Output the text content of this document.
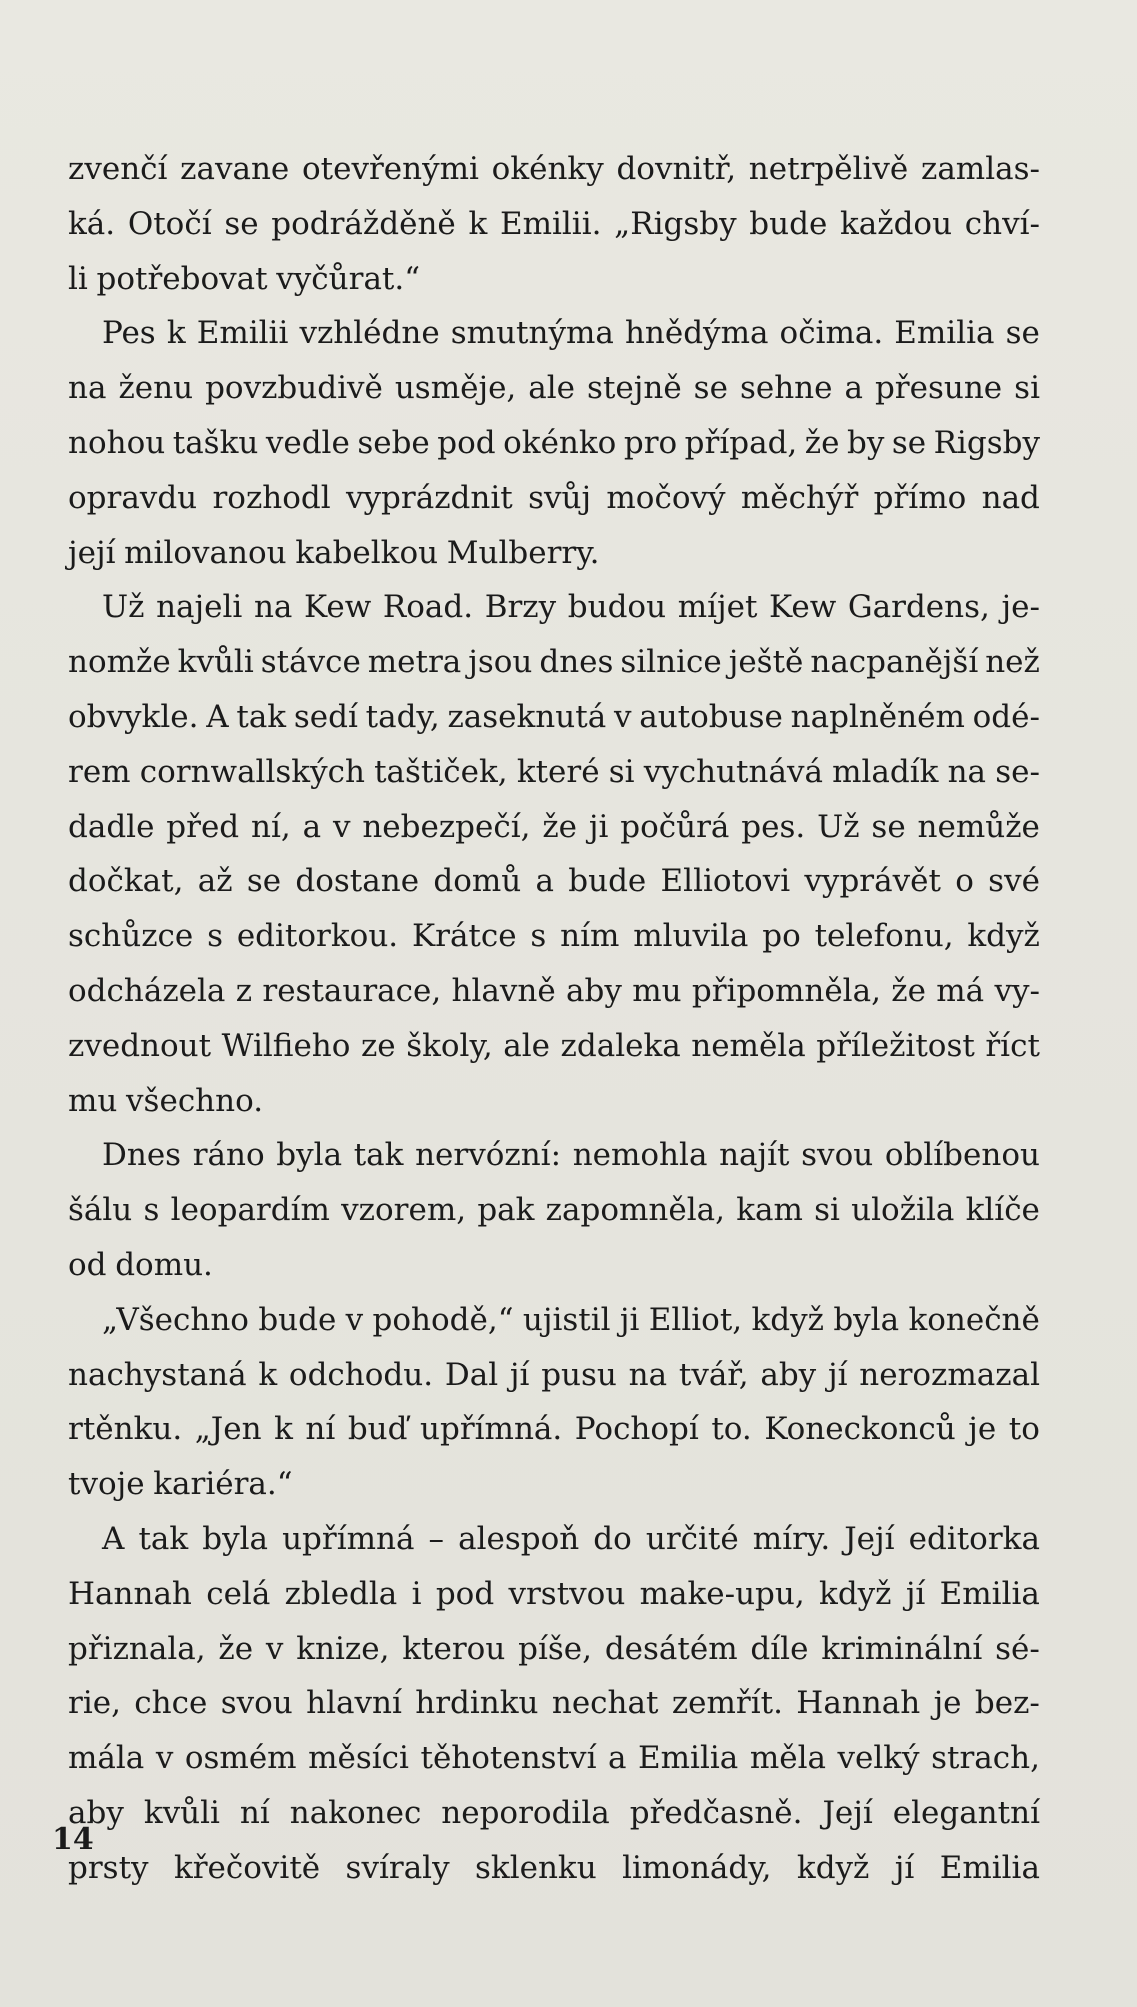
zvenčí zavane otevřenými okénky dovnitř, netrpělivě zamlas-
ká. Otočí se podrážděně k Emilii. „Rigsby bude každou chví-
li potřebovat vyčůrat.“
Pes k Emilii vzhlédne smutnýma hnědýma očima. Emilia se
na ženu povzbudivě usměje, ale stejně se sehne a přesune si
nohou tašku vedle sebe pod okénko pro případ, že by se Rigsby
opravdu rozhodl vyprázdnit svůj močový měchýř přímo nad
její milovanou kabelkou Mulberry.
Už najeli na Kew Road. Brzy budou míjet Kew Gardens, je-
nomže kvůli stávce metra jsou dnes silnice ještě nacpanější než
obvykle. A tak sedí tady, zaseknutá v autobuse naplněném odé-
rem cornwallských taštiček, které si vychutnává mladík na se-
dadle před ní, a v nebezpečí, že ji počůrá pes. Už se nemůže
dočkat, až se dostane domů a bude Elliotovi vyprávět o své
schůzce s editorkou. Krátce s ním mluvila po telefonu, když
odcházela z restaurace, hlavně aby mu připomněla, že má vy-
zvednout Wilfieho ze školy, ale zdaleka neměla příležitost říct
mu všechno.
Dnes ráno byla tak nervózní: nemohla najít svou oblíbenou
šálu s leopardím vzorem, pak zapomněla, kam si uložila klíče
od domu.
„Všechno bude v pohodě,“ ujistil ji Elliot, když byla konečně
nachystaná k odchodu. Dal jí pusu na tvář, aby jí nerozmazal
rtěnku. „Jen k ní buď upřímná. Pochopí to. Koneckonců je to
tvoje kariéra.“
A tak byla upřímná – alespoň do určité míry. Její editorka
Hannah celá zbledla i pod vrstvou make-upu, když jí Emilia
přiznala, že v knize, kterou píše, desátém díle kriminální sé-
rie, chce svou hlavní hrdinku nechat zemřít. Hannah je bez-
mála v osmém měsíci těhotenství a Emilia měla velký strach,
aby kvůli ní nakonec neporodila předčasně. Její elegantní
prsty křečovitě svíraly sklenku limonády, když jí Emilia
14
